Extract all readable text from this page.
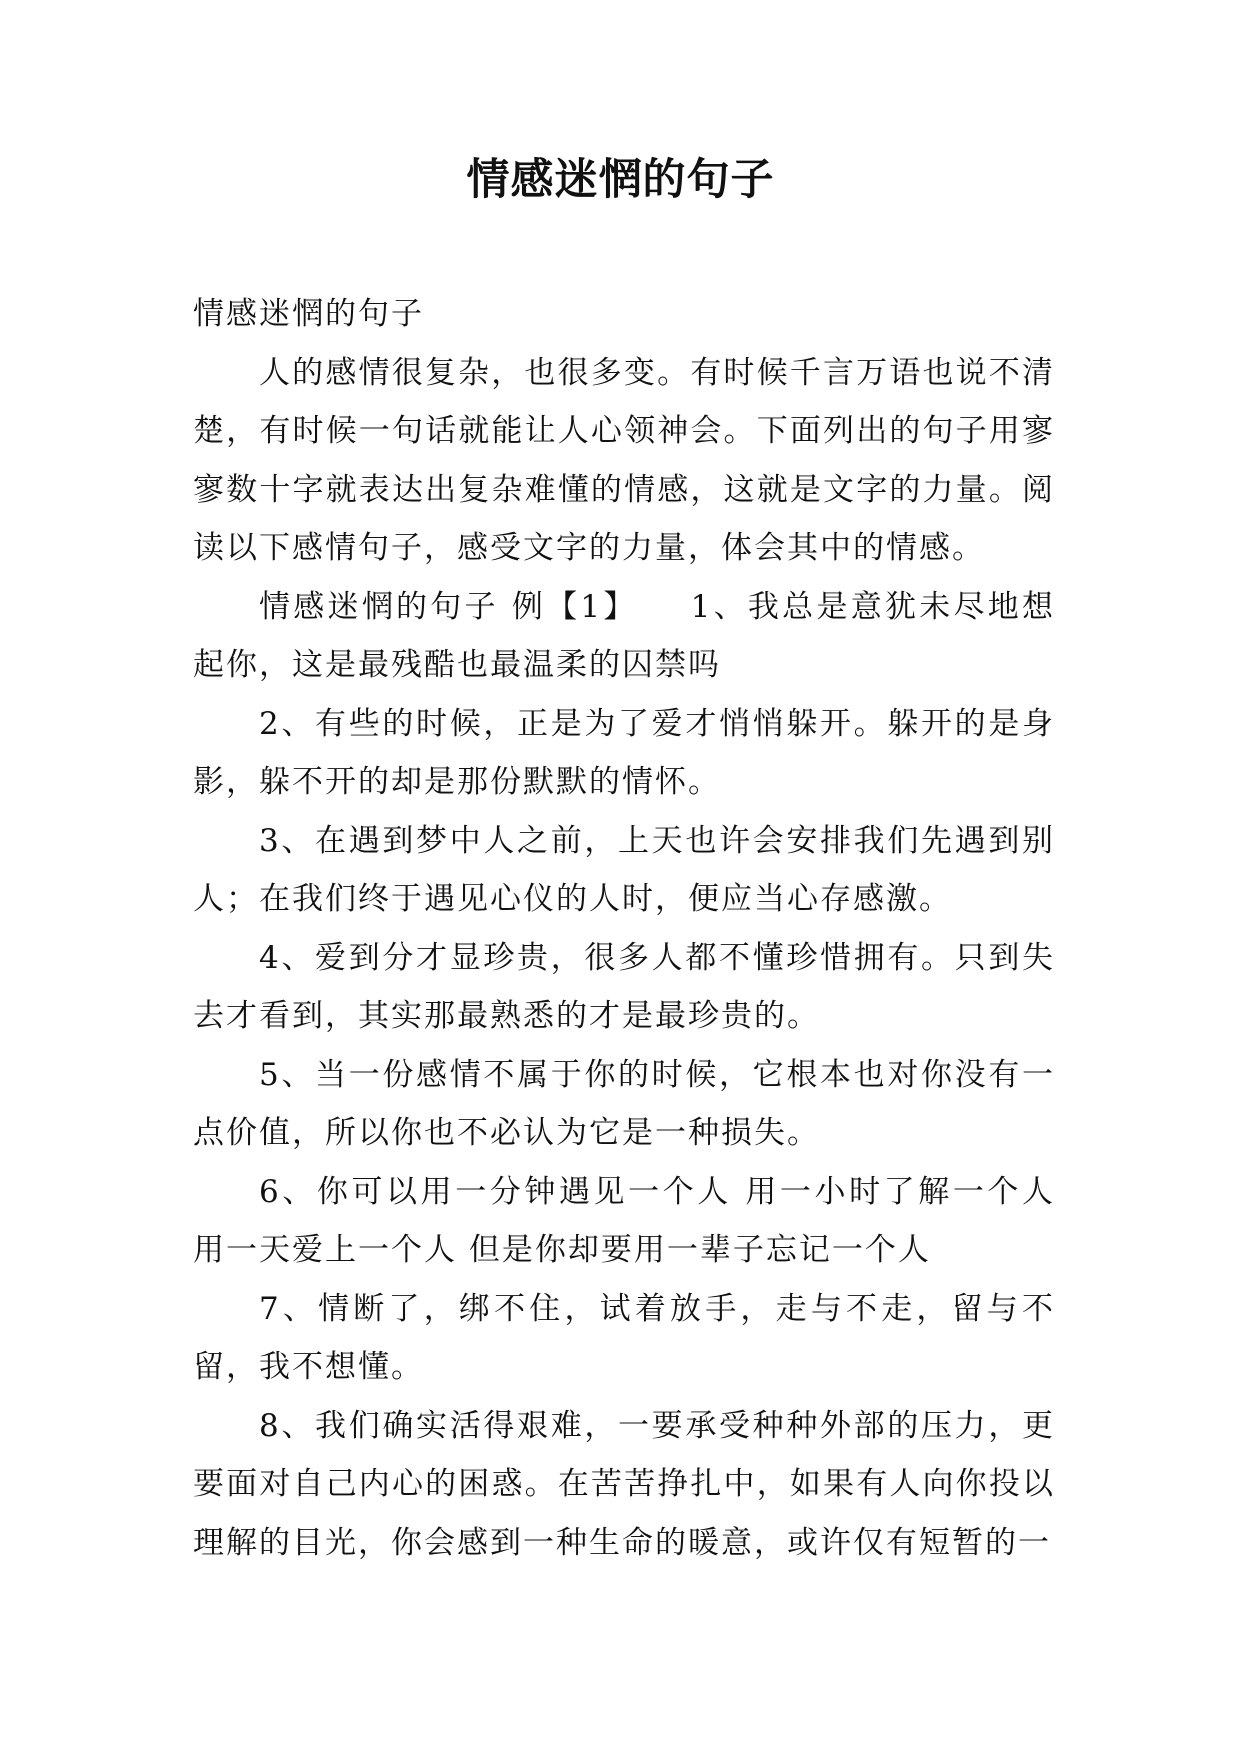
情感迷惘的句子

情感迷惘的句子

人的感情很复杂，也很多变。有时候千言万语也说不清楚，有时候一句话就能让人心领神会。下面列出的句子用寥寥数十字就表达出复杂难懂的情感，这就是文字的力量。阅读以下感情句子，感受文字的力量，体会其中的情感。

情感迷惘的句子 例【1】　　1、我总是意犹未尽地想起你，这是最残酷也最温柔的囚禁吗

2、有些的时候，正是为了爱才悄悄躲开。躲开的是身影，躲不开的却是那份默默的情怀。

3、在遇到梦中人之前，上天也许会安排我们先遇到别人；在我们终于遇见心仪的人时，便应当心存感激。

4、爱到分才显珍贵，很多人都不懂珍惜拥有。只到失去才看到，其实那最熟悉的才是最珍贵的。

5、当一份感情不属于你的时候，它根本也对你没有一点价值，所以你也不必认为它是一种损失。

6、你可以用一分钟遇见一个人 用一小时了解一个人 用一天爱上一个人 但是你却要用一辈子忘记一个人

7、情断了，绑不住，试着放手，走与不走，留与不留，我不想懂。

8、我们确实活得艰难，一要承受种种外部的压力，更要面对自己内心的困惑。在苦苦挣扎中，如果有人向你投以理解的目光，你会感到一种生命的暖意，或许仅有短暂的一
